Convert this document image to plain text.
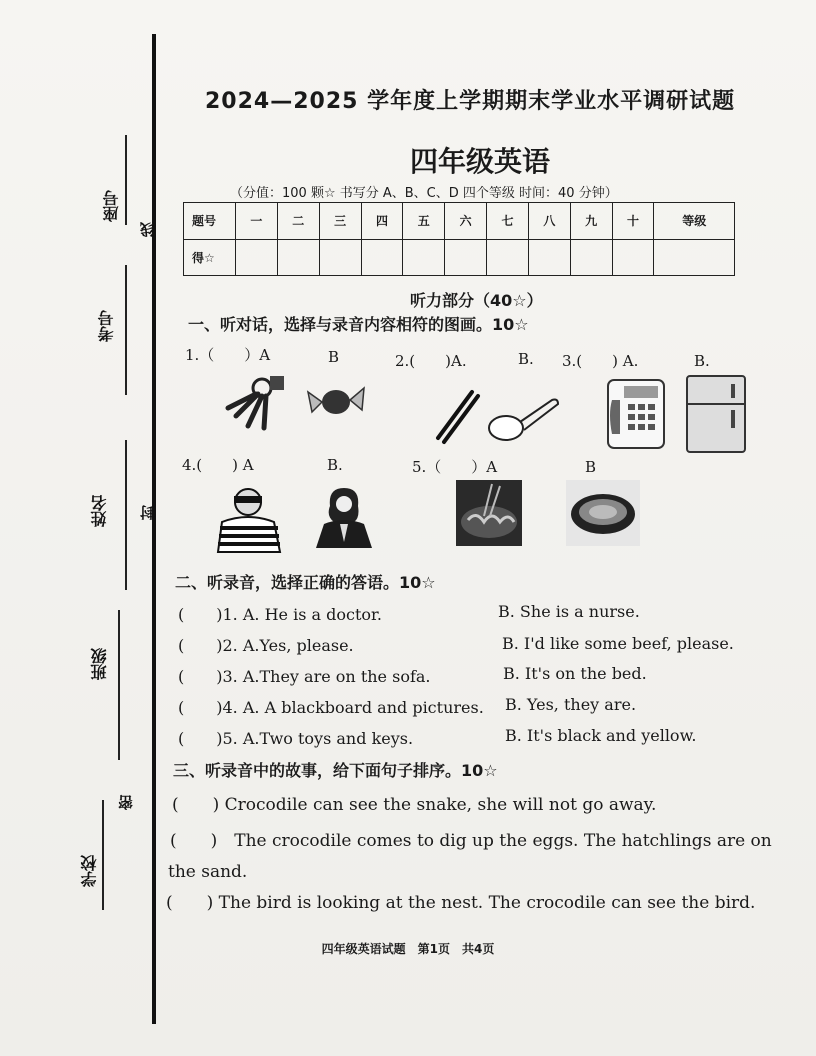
座号
考号
姓名
班级
学校
线
封
密
2024—2025 学年度上学期期末学业水平调研试题
四年级英语
（分值：100 颗☆ 书写分 A、B、C、D 四个等级 时间：40 分钟）
题号	一	二	三	四	五	六	七	八	九	十	等级
得☆											
听力部分（40☆）
一、听对话，选择与录音内容相符的图画。10☆
1.（　　）A	B	2.(　　)A.	B. 3.(　　) A.	B.
4.(　　) A	B.	5.（　　）A	B
二、听录音，选择正确的答语。10☆
(　　)1. A. He is a doctor.	B. She is a nurse.
(　　)2. A.Yes, please.	B. I'd like some beef, please.
(　　)3. A.They are on the sofa.	B. It's on the bed.
(　　)4. A. A blackboard and pictures. B. Yes, they are.
(　　)5. A.Two toys and keys.	B. It's black and yellow.
三、听录音中的故事，给下面句子排序。10☆
(　　) Crocodile can see the snake, she will not go away.
(　　)　The crocodile comes to dig up the eggs. The hatchlings are on
the sand.
(　　) The bird is looking at the nest. The crocodile can see the bird.
四年级英语试题　第1页　共4页
